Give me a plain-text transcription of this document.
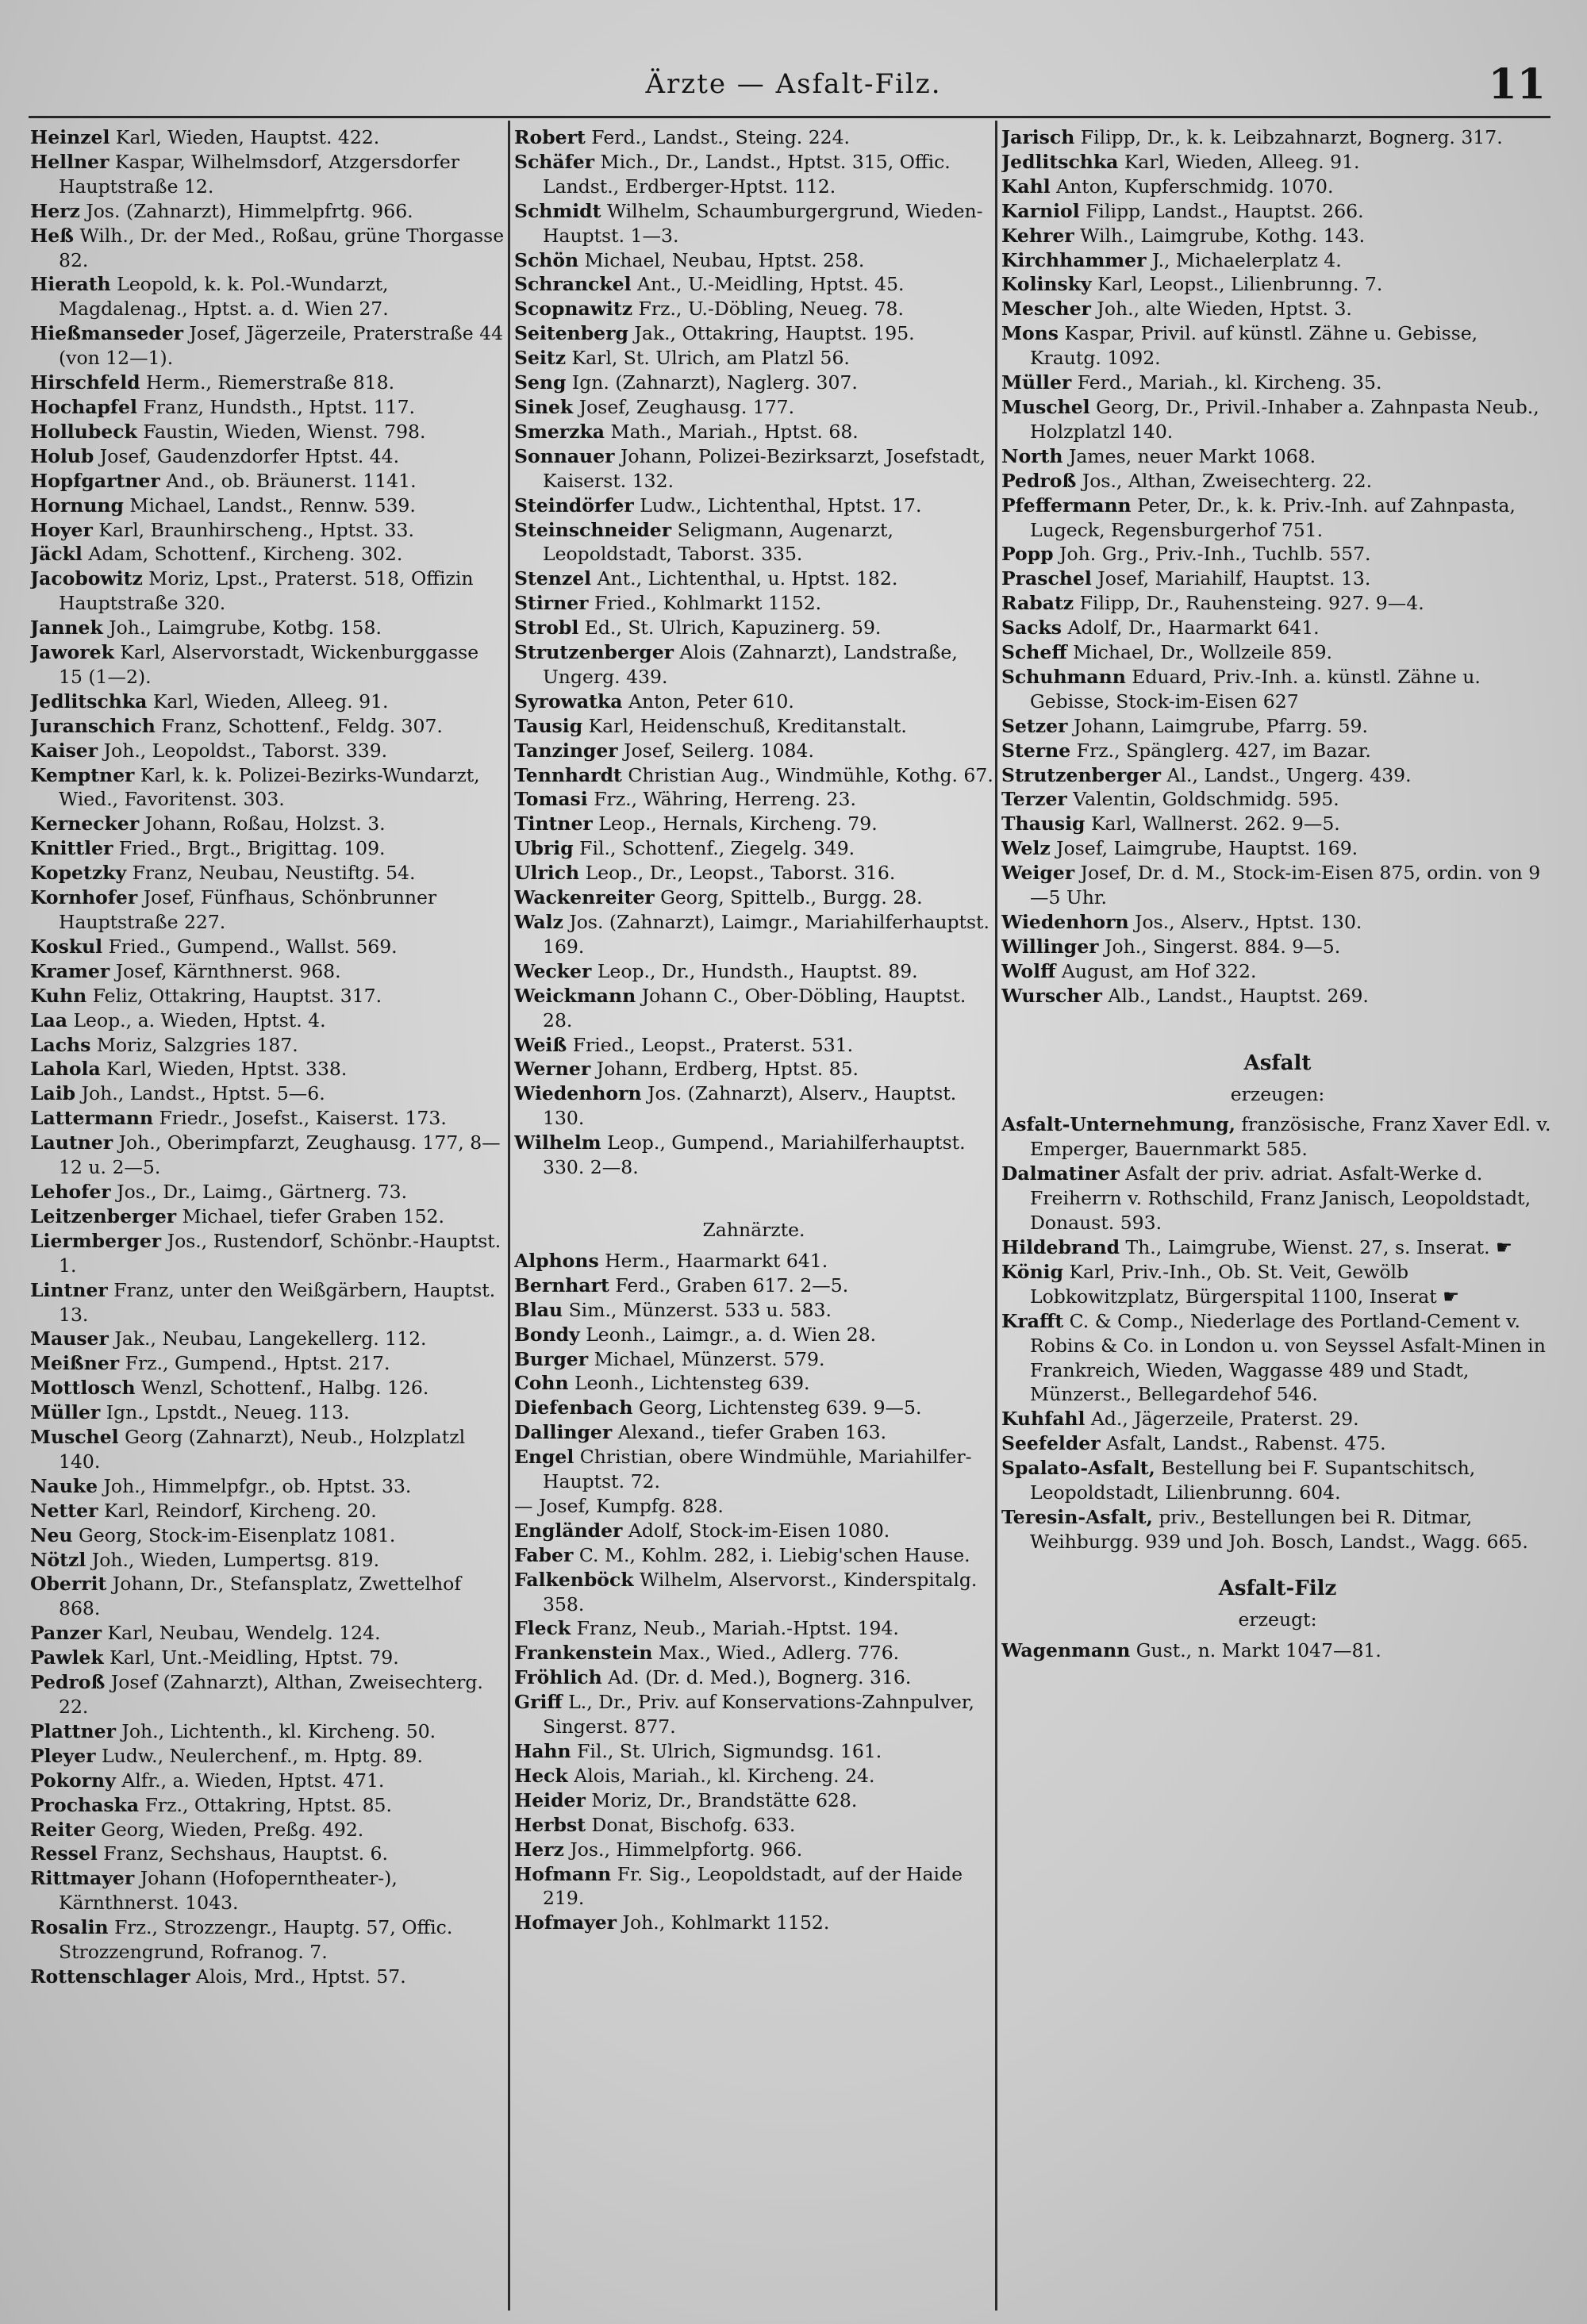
Ärzte — Asfalt-Filz.	11
Heinzel Karl, Wieden, Hauptst. 422.
Hellner Kaspar, Wilhelmsdorf, Atzgersdorfer Hauptstraße 12.
Herz Jos. (Zahnarzt), Himmelpfrtg. 966.
Heß Wilh., Dr. der Med., Roßau, grüne Thorgasse 82.
Hierath Leopold, k. k. Pol.-Wundarzt, Magdalenag., Hptst. a. d. Wien 27.
Hießmanseder Josef, Jägerzeile, Praterstraße 44 (von 12—1).
Hirschfeld Herm., Riemerstraße 818.
Hochapfel Franz, Hundsth., Hptst. 117.
Hollubeck Faustin, Wieden, Wienst. 798.
Holub Josef, Gaudenzdorfer Hptst. 44.
Hopfgartner And., ob. Bräunerst. 1141.
Hornung Michael, Landst., Rennw. 539.
Hoyer Karl, Braunhirscheng., Hptst. 33.
Jäckl Adam, Schottenf., Kircheng. 302.
Jacobowitz Moriz, Lpst., Praterst. 518, Offizin Hauptstraße 320.
Jannek Joh., Laimgrube, Kotbg. 158.
Jaworek Karl, Alservorstadt, Wickenburggasse 15 (1—2).
Jedlitschka Karl, Wieden, Alleeg. 91.
Juranschich Franz, Schottenf., Feldg. 307.
Kaiser Joh., Leopoldst., Taborst. 339.
Kemptner Karl, k. k. Polizei-Bezirks-Wundarzt, Wied., Favoritenst. 303.
Kernecker Johann, Roßau, Holzst. 3.
Knittler Fried., Brgt., Brigittag. 109.
Kopetzky Franz, Neubau, Neustiftg. 54.
Kornhofer Josef, Fünfhaus, Schönbrunner Hauptstraße 227.
Koskul Fried., Gumpend., Wallst. 569.
Kramer Josef, Kärnthnerst. 968.
Kuhn Feliz, Ottakring, Hauptst. 317.
Laa Leop., a. Wieden, Hptst. 4.
Lachs Moriz, Salzgries 187.
Lahola Karl, Wieden, Hptst. 338.
Laib Joh., Landst., Hptst. 5—6.
Lattermann Friedr., Josefst., Kaiserst. 173.
Lautner Joh., Oberimpfarzt, Zeughausg. 177, 8—12 u. 2—5.
Lehofer Jos., Dr., Laimg., Gärtnerg. 73.
Leitzenberger Michael, tiefer Graben 152.
Liermberger Jos., Rustendorf, Schönbr.-Hauptst. 1.
Lintner Franz, unter den Weißgärbern, Hauptst. 13.
Mauser Jak., Neubau, Langekellerg. 112.
Meißner Frz., Gumpend., Hptst. 217.
Mottlosch Wenzl, Schottenf., Halbg. 126.
Müller Ign., Lpstdt., Neueg. 113.
Muschel Georg (Zahnarzt), Neub., Holzplatzl 140.
Nauke Joh., Himmelpfgr., ob. Hptst. 33.
Netter Karl, Reindorf, Kircheng. 20.
Neu Georg, Stock-im-Eisenplatz 1081.
Nötzl Joh., Wieden, Lumpertsg. 819.
Oberrit Johann, Dr., Stefansplatz, Zwettelhof 868.
Panzer Karl, Neubau, Wendelg. 124.
Pawlek Karl, Unt.-Meidling, Hptst. 79.
Pedroß Josef (Zahnarzt), Althan, Zweisechterg. 22.
Plattner Joh., Lichtenth., kl. Kircheng. 50.
Pleyer Ludw., Neulerchenf., m. Hptg. 89.
Pokorny Alfr., a. Wieden, Hptst. 471.
Prochaska Frz., Ottakring, Hptst. 85.
Reiter Georg, Wieden, Preßg. 492.
Ressel Franz, Sechshaus, Hauptst. 6.
Rittmayer Johann (Hofoperntheater-), Kärnthnerst. 1043.
Rosalin Frz., Strozzengr., Hauptg. 57, Offic. Strozzengrund, Rofranog. 7.
Rottenschlager Alois, Mrd., Hptst. 57.
Robert Ferd., Landst., Steing. 224.
Schäfer Mich., Dr., Landst., Hptst. 315, Offic. Landst., Erdberger-Hptst. 112.
Schmidt Wilhelm, Schaumburgergrund, Wieden-Hauptst. 1—3.
Schön Michael, Neubau, Hptst. 258.
Schranckel Ant., U.-Meidling, Hptst. 45.
Scopnawitz Frz., U.-Döbling, Neueg. 78.
Seitenberg Jak., Ottakring, Hauptst. 195.
Seitz Karl, St. Ulrich, am Platzl 56.
Seng Ign. (Zahnarzt), Naglerg. 307.
Sinek Josef, Zeughausg. 177.
Smerzka Math., Mariah., Hptst. 68.
Sonnauer Johann, Polizei-Bezirksarzt, Josefstadt, Kaiserst. 132.
Steindörfer Ludw., Lichtenthal, Hptst. 17.
Steinschneider Seligmann, Augenarzt, Leopoldstadt, Taborst. 335.
Stenzel Ant., Lichtenthal, u. Hptst. 182.
Stirner Fried., Kohlmarkt 1152.
Strobl Ed., St. Ulrich, Kapuzinerg. 59.
Strutzenberger Alois (Zahnarzt), Landstraße, Ungerg. 439.
Syrowatka Anton, Peter 610.
Tausig Karl, Heidenschuß, Kreditanstalt.
Tanzinger Josef, Seilerg. 1084.
Tennhardt Christian Aug., Windmühle, Kothg. 67.
Tomasi Frz., Währing, Herreng. 23.
Tintner Leop., Hernals, Kircheng. 79.
Ubrig Fil., Schottenf., Ziegelg. 349.
Ulrich Leop., Dr., Leopst., Taborst. 316.
Wackenreiter Georg, Spittelb., Burgg. 28.
Walz Jos. (Zahnarzt), Laimgr., Mariahilferhauptst. 169.
Wecker Leop., Dr., Hundsth., Hauptst. 89.
Weickmann Johann C., Ober-Döbling, Hauptst. 28.
Weiß Fried., Leopst., Praterst. 531.
Werner Johann, Erdberg, Hptst. 85.
Wiedenhorn Jos. (Zahnarzt), Alserv., Hauptst. 130.
Wilhelm Leop., Gumpend., Mariahilferhauptst. 330. 2—8.
Zahnärzte.
Alphons Herm., Haarmarkt 641.
Bernhart Ferd., Graben 617. 2—5.
Blau Sim., Münzerst. 533 u. 583.
Bondy Leonh., Laimgr., a. d. Wien 28.
Burger Michael, Münzerst. 579.
Cohn Leonh., Lichtensteg 639.
Diefenbach Georg, Lichtensteg 639. 9—5.
Dallinger Alexand., tiefer Graben 163.
Engel Christian, obere Windmühle, Mariahilfer-Hauptst. 72.
— Josef, Kumpfg. 828.
Engländer Adolf, Stock-im-Eisen 1080.
Faber C. M., Kohlm. 282, i. Liebig'schen Hause.
Falkenböck Wilhelm, Alservorst., Kinderspitalg. 358.
Fleck Franz, Neub., Mariah.-Hptst. 194.
Frankenstein Max., Wied., Adlerg. 776.
Fröhlich Ad. (Dr. d. Med.), Bognerg. 316.
Griff L., Dr., Priv. auf Konservations-Zahnpulver, Singerst. 877.
Hahn Fil., St. Ulrich, Sigmundsg. 161.
Heck Alois, Mariah., kl. Kircheng. 24.
Heider Moriz, Dr., Brandstätte 628.
Herbst Donat, Bischofg. 633.
Herz Jos., Himmelpfortg. 966.
Hofmann Fr. Sig., Leopoldstadt, auf der Haide 219.
Hofmayer Joh., Kohlmarkt 1152.
Jarisch Filipp, Dr., k. k. Leibzahnarzt, Bognerg. 317.
Jedlitschka Karl, Wieden, Alleeg. 91.
Kahl Anton, Kupferschmidg. 1070.
Karniol Filipp, Landst., Hauptst. 266.
Kehrer Wilh., Laimgrube, Kothg. 143.
Kirchhammer J., Michaelerplatz 4.
Kolinsky Karl, Leopst., Lilienbrunng. 7.
Mescher Joh., alte Wieden, Hptst. 3.
Mons Kaspar, Privil. auf künstl. Zähne u. Gebisse, Krautg. 1092.
Müller Ferd., Mariah., kl. Kircheng. 35.
Muschel Georg, Dr., Privil.-Inhaber a. Zahnpasta Neub., Holzplatzl 140.
North James, neuer Markt 1068.
Pedroß Jos., Althan, Zweisechterg. 22.
Pfeffermann Peter, Dr., k. k. Priv.-Inh. auf Zahnpasta, Lugeck, Regensburgerhof 751.
Popp Joh. Grg., Priv.-Inh., Tuchlb. 557.
Praschel Josef, Mariahilf, Hauptst. 13.
Rabatz Filipp, Dr., Rauhensteing. 927. 9—4.
Sacks Adolf, Dr., Haarmarkt 641.
Scheff Michael, Dr., Wollzeile 859.
Schuhmann Eduard, Priv.-Inh. a. künstl. Zähne u. Gebisse, Stock-im-Eisen 627
Setzer Johann, Laimgrube, Pfarrg. 59.
Sterne Frz., Spänglerg. 427, im Bazar.
Strutzenberger Al., Landst., Ungerg. 439.
Terzer Valentin, Goldschmidg. 595.
Thausig Karl, Wallnerst. 262. 9—5.
Welz Josef, Laimgrube, Hauptst. 169.
Weiger Josef, Dr. d. M., Stock-im-Eisen 875, ordin. von 9—5 Uhr.
Wiedenhorn Jos., Alserv., Hptst. 130.
Willinger Joh., Singerst. 884. 9—5.
Wolff August, am Hof 322.
Wurscher Alb., Landst., Hauptst. 269.
Asfalt
erzeugen:
Asfalt-Unternehmung, französische, Franz Xaver Edl. v. Emperger, Bauernmarkt 585.
Dalmatiner Asfalt der priv. adriat. Asfalt-Werke d. Freiherrn v. Rothschild, Franz Janisch, Leopoldstadt, Donaust. 593.
Hildebrand Th., Laimgrube, Wienst. 27, s. Inserat. ☛
König Karl, Priv.-Inh., Ob. St. Veit, Gewölb Lobkowitzplatz, Bürgerspital 1100, Inserat ☛
Krafft C. & Comp., Niederlage des Portland-Cement v. Robins & Co. in London u. von Seyssel Asfalt-Minen in Frankreich, Wieden, Waggasse 489 und Stadt, Münzerst., Bellegardehof 546.
Kuhfahl Ad., Jägerzeile, Praterst. 29.
Seefelder Asfalt, Landst., Rabenst. 475.
Spalato-Asfalt, Bestellung bei F. Supantschitsch, Leopoldstadt, Lilienbrunng. 604.
Teresin-Asfalt, priv., Bestellungen bei R. Ditmar, Weihburgg. 939 und Joh. Bosch, Landst., Wagg. 665.
Asfalt-Filz
erzeugt:
Wagenmann Gust., n. Markt 1047—81.
